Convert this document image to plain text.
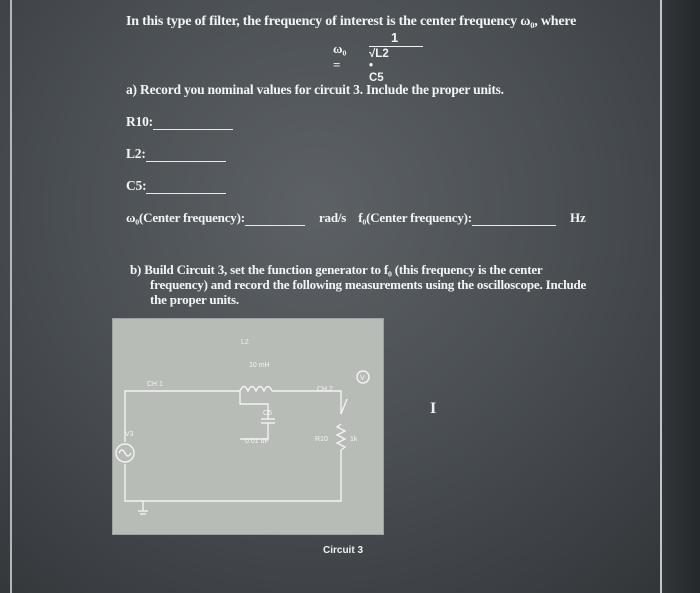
In this type of filter, the frequency of interest is the center frequency ω₀, where
ω₀ =
1
√L2 • C5
a) Record you nominal values for circuit 3. Include the proper units.
R10:
L2:
C5:
ω₀(Center frequency):	rad/s f₀(Center frequency):	Hz
b) Build Circuit 3, set the function generator to f₀ (this frequency is the center
frequency) and record the following measurements using the oscilloscope. Include
the proper units.
L2
10 mH
C5
0.01 uF	R10	1k
CH 1
CH 2
V3
V
Circuit 3
I
